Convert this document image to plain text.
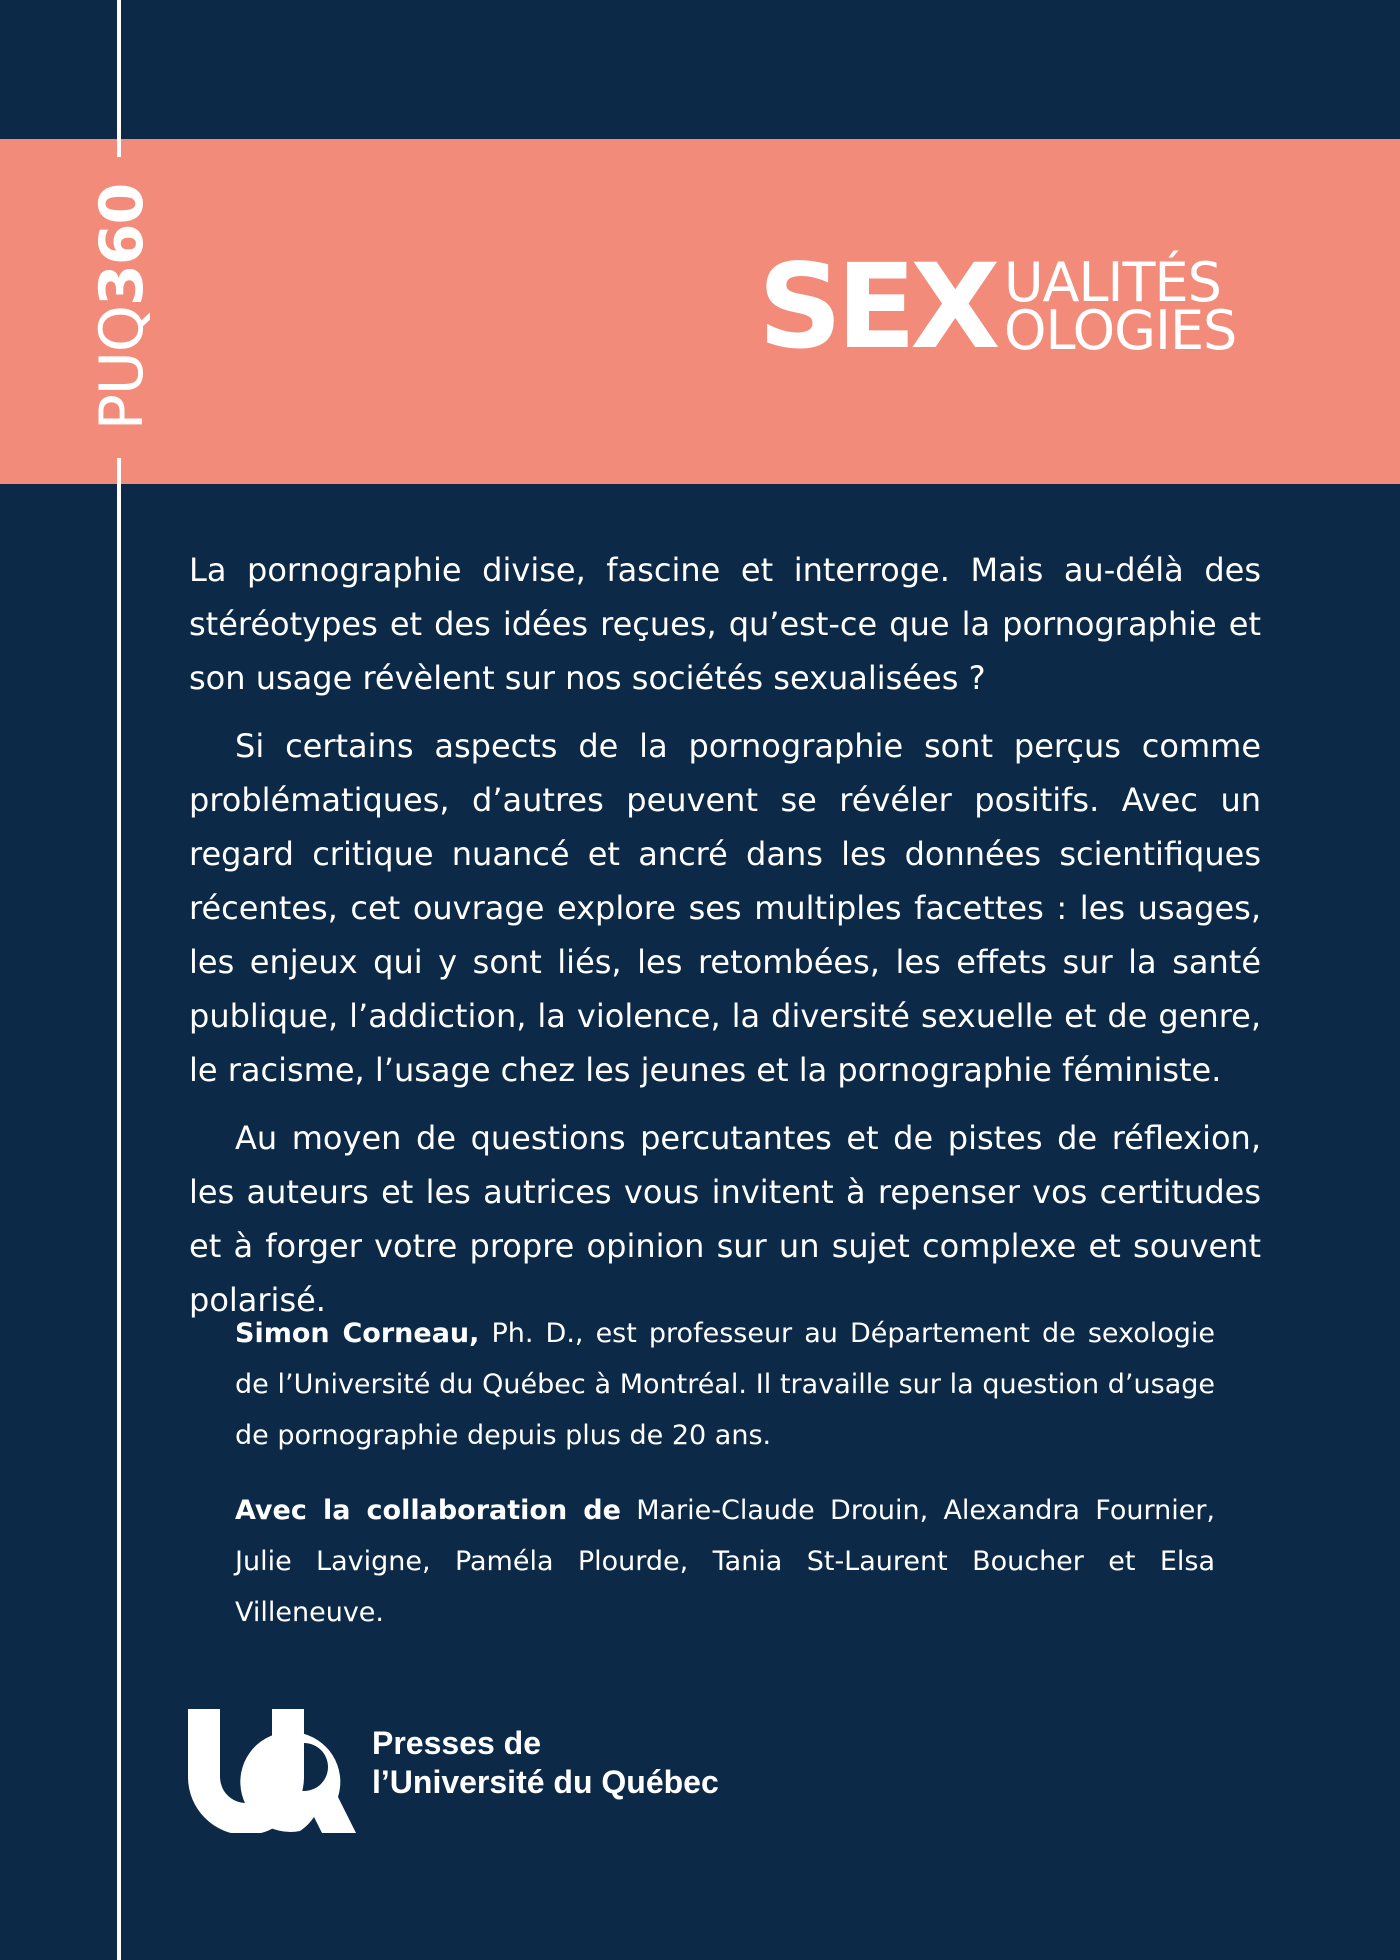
PUQ360	SEX UALITÉS
OLOGIES

La pornographie divise, fascine et interroge. Mais au-délà des stéréotypes et des idées reçues, qu’est-ce que la pornographie et son usage révèlent sur nos sociétés sexualisées ?

Si certains aspects de la pornographie sont perçus comme problématiques, d’autres peuvent se révéler positifs. Avec un regard critique nuancé et ancré dans les données scientifiques récentes, cet ouvrage explore ses multiples facettes : les usages, les enjeux qui y sont liés, les retombées, les effets sur la santé publique, l’addiction, la violence, la diversité sexuelle et de genre, le racisme, l’usage chez les jeunes et la pornographie féministe.

Au moyen de questions percutantes et de pistes de réflexion, les auteurs et les autrices vous invitent à repenser vos certitudes et à forger votre propre opinion sur un sujet complexe et souvent polarisé.

Simon Corneau, Ph. D., est professeur au Département de sexologie de l’Université du Québec à Montréal. Il travaille sur la question d’usage de pornographie depuis plus de 20 ans.
Avec la collaboration de Marie-Claude Drouin, Alexandra Fournier, Julie Lavigne, Paméla Plourde, Tania St-Laurent Boucher et Elsa Villeneuve.
Presses de
l’Université du Québec
